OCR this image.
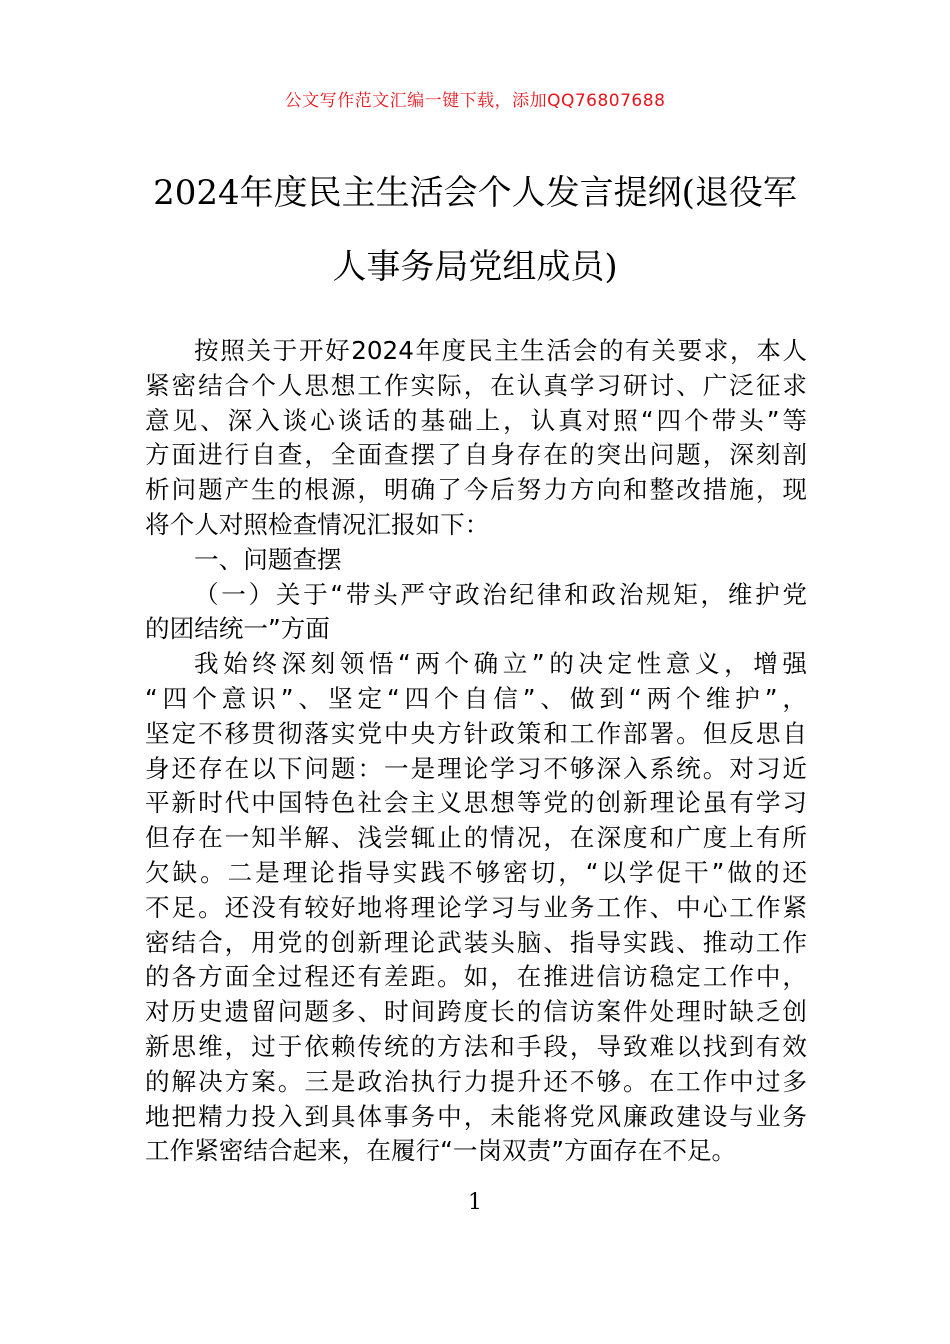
公文写作范文汇编一键下载，添加QQ76807688
2024年度民主生活会个人发言提纲(退役军
人事务局党组成员)
按照关于开好2024年度民主生活会的有关要求，本人
紧密结合个人思想工作实际，在认真学习研讨、广泛征求
意见、深入谈心谈话的基础上，认真对照“四个带头”等
方面进行自查，全面查摆了自身存在的突出问题，深刻剖
析问题产生的根源，明确了今后努力方向和整改措施，现
将个人对照检查情况汇报如下：
一、问题查摆
（一）关于“带头严守政治纪律和政治规矩，维护党
的团结统一”方面
我始终深刻领悟“两个确立”的决定性意义，增强
“四个意识”、坚定“四个自信”、做到“两个维护”，
坚定不移贯彻落实党中央方针政策和工作部署。但反思自
身还存在以下问题：一是理论学习不够深入系统。对习近
平新时代中国特色社会主义思想等党的创新理论虽有学习
但存在一知半解、浅尝辄止的情况，在深度和广度上有所
欠缺。二是理论指导实践不够密切，“以学促干”做的还
不足。还没有较好地将理论学习与业务工作、中心工作紧
密结合，用党的创新理论武装头脑、指导实践、推动工作
的各方面全过程还有差距。如，在推进信访稳定工作中，
对历史遗留问题多、时间跨度长的信访案件处理时缺乏创
新思维，过于依赖传统的方法和手段，导致难以找到有效
的解决方案。三是政治执行力提升还不够。在工作中过多
地把精力投入到具体事务中，未能将党风廉政建设与业务
工作紧密结合起来，在履行“一岗双责”方面存在不足。
1
